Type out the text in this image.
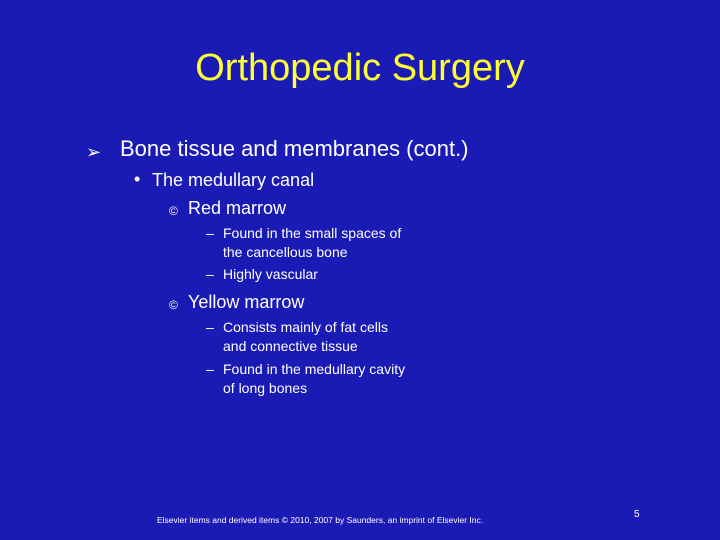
Orthopedic Surgery
➢ Bone tissue and membranes (cont.)
• The medullary canal
© Red marrow
– Found in the small spaces of
the cancellous bone
– Highly vascular
© Yellow marrow
– Consists mainly of fat cells
and connective tissue
– Found in the medullary cavity
of long bones
Elsevier items and derived items © 2010, 2007 by Saunders, an imprint of Elsevier Inc.	5
